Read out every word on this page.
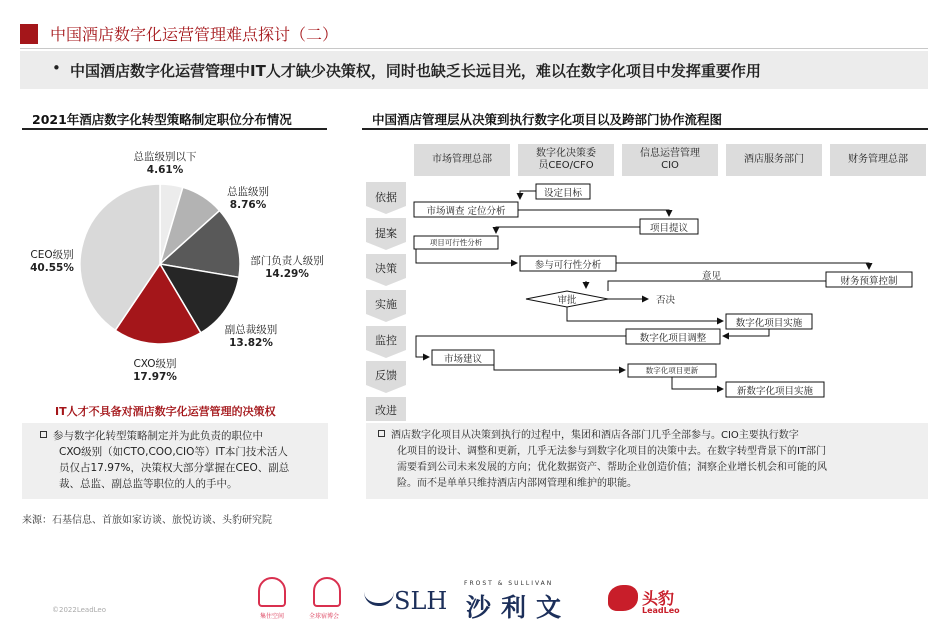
中国酒店数字化运营管理难点探讨（二）
• 中国酒店数字化运营管理中IT人才缺少决策权，同时也缺乏长远目光，难以在数字化项目中发挥重要作用
2021年酒店数字化转型策略制定职位分布情况
总监级别以下
4.61%
总监级别
8.76%
部门负责人级别
14.29%
副总裁级别
13.82%
CXO级别
17.97%
CEO级别
40.55%
IT人才不具备对酒店数字化运营管理的决策权
参与数字化转型策略制定并为此负责的职位中
CXO级别（如CTO,COO,CIO等）IT本门技术活人
员仅占17.97%，决策权大部分掌握在CEO、副总
裁、总监、副总监等职位的人的手中。
中国酒店管理层从决策到执行数字化项目以及跨部门协作流程图
市场管理总部
数字化决策委
员CEO/CFO
信息运营管理
CIO
酒店服务部门	财务管理总部
依据
提案
决策
实施
监控
反馈
改进
设定目标
市场调查 定位分析
项目提议
项目可行性分析
参与可行性分析
意见	财务预算控制
审批	否决
数字化项目实施
数字化项目调整
市场建议
数字化项目更新
新数字化项目实施
酒店数字化项目从决策到执行的过程中，集团和酒店各部门几乎全部参与。CIO主要执行数字
化项目的设计、调整和更新，几乎无法参与到数字化项目的决策中去。在数字转型背景下的IT部门
需要看到公司未来发展的方向；优化数据资产、帮助企业创造价值；洞察企业增长机会和可能的风
险。而不是单单只维持酒店内部网管理和维护的职能。
来源：石基信息、首旅如家访谈、旅悦访谈、头豹研究院
©2022LeadLeo
集住空间	全球宿博会
SLH
FROST & SULLIVAN
沙利文	头豹
LeadLeo
